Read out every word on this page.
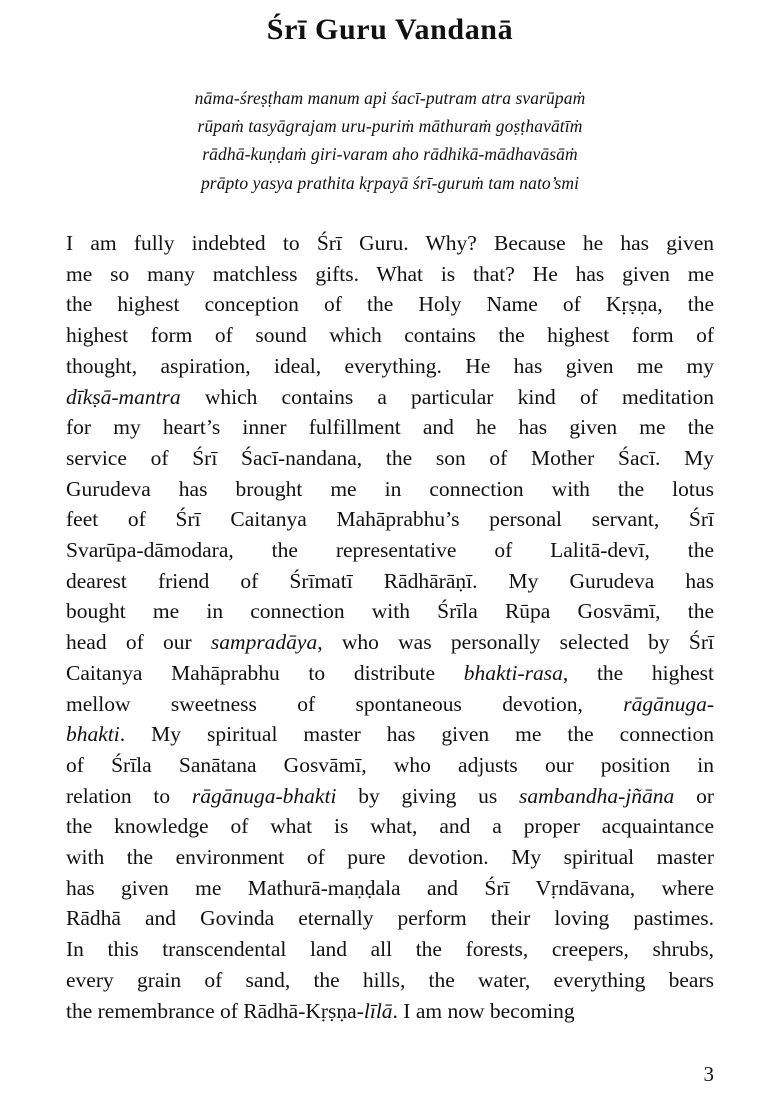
Śrī Guru Vandanā
nāma-śreṣṭham manum api śacī-putram atra svarūpaṁ
rūpaṁ tasyāgrajam uru-puriṁ māthuraṁ goṣṭhavātīṁ
rādhā-kuṇḍaṁ giri-varam aho rādhikā-mādhavāsāṁ
prāpto yasya prathita kṛpayā śrī-guruṁ tam nato’smi
I am fully indebted to Śrī Guru. Why? Because he has given
me so many matchless gifts. What is that? He has given me
the highest conception of the Holy Name of Kṛṣṇa, the
highest form of sound which contains the highest form of
thought, aspiration, ideal, everything. He has given me my
dīkṣā-mantra which contains a particular kind of meditation
for my heart’s inner fulfillment and he has given me the
service of Śrī Śacī-nandana, the son of Mother Śacī. My
Gurudeva has brought me in connection with the lotus
feet of Śrī Caitanya Mahāprabhu’s personal servant, Śrī
Svarūpa-dāmodara, the representative of Lalitā-devī, the
dearest friend of Śrīmatī Rādhārāṇī. My Gurudeva has
bought me in connection with Śrīla Rūpa Gosvāmī, the
head of our sampradāya, who was personally selected by Śrī
Caitanya Mahāprabhu to distribute bhakti-rasa, the highest
mellow sweetness of spontaneous devotion, rāgānuga-
bhakti. My spiritual master has given me the connection
of Śrīla Sanātana Gosvāmī, who adjusts our position in
relation to rāgānuga-bhakti by giving us sambandha-jñāna or
the knowledge of what is what, and a proper acquaintance
with the environment of pure devotion. My spiritual master
has given me Mathurā-maṇḍala and Śrī Vṛndāvana, where
Rādhā and Govinda eternally perform their loving pastimes.
In this transcendental land all the forests, creepers, shrubs,
every grain of sand, the hills, the water, everything bears
the remembrance of Rādhā-Kṛṣṇa-līlā. I am now becoming
3
